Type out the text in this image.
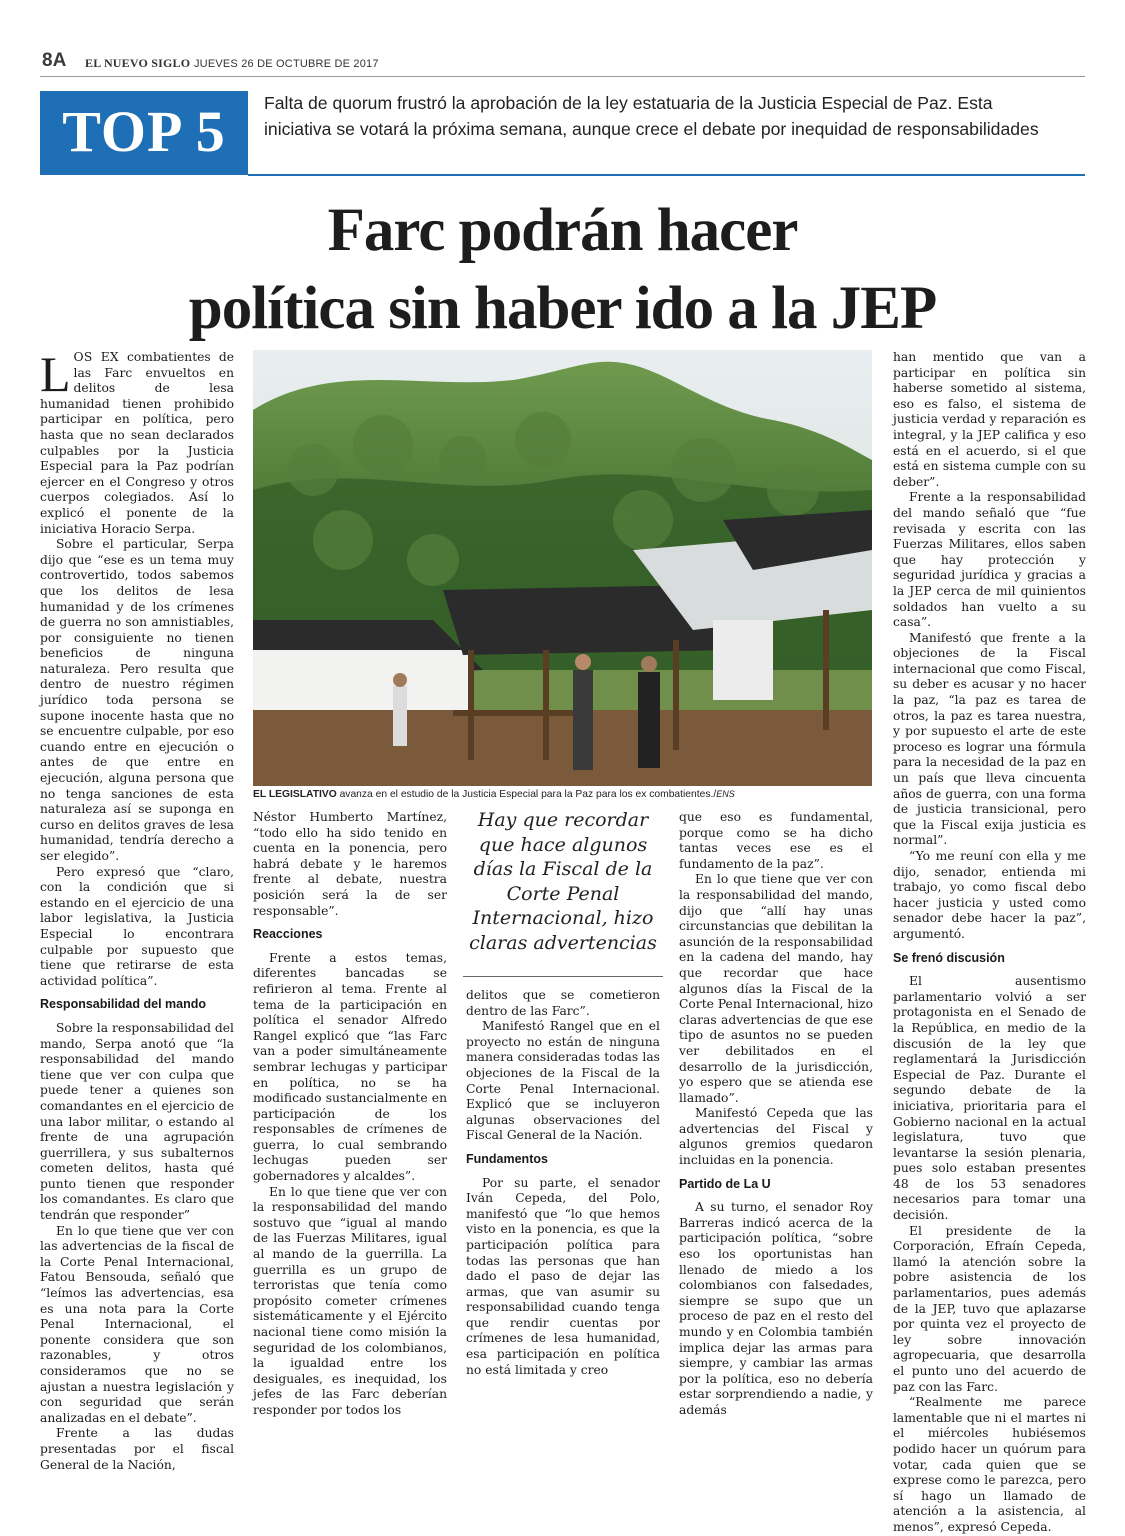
8A EL NUEVO SIGLO JUEVES 26 DE OCTUBRE DE 2017
TOP 5	Falta de quorum frustró la aprobación de la ley estatuaria de la Justicia Especial de Paz. Esta iniciativa se votará la próxima semana, aunque crece el debate por inequidad de responsabilidades
Farc podrán hacer
política sin haber ido a la JEP

LOS EX combatientes de las Farc envueltos en delitos de lesa humanidad tienen prohibido participar en política, pero hasta que no sean declarados culpables por la Justicia Especial para la Paz podrían ejercer en el Congreso y otros cuerpos colegiados. Así lo explicó el ponente de la iniciativa Horacio Serpa.

Sobre el particular, Serpa dijo que “ese es un tema muy controvertido, todos sabemos que los delitos de lesa humanidad y de los crímenes de guerra no son amnistiables, por consiguiente no tienen beneficios de ninguna naturaleza. Pero resulta que dentro de nuestro régimen jurídico toda persona se supone inocente hasta que no se encuentre culpable, por eso cuando entre en ejecución o antes de que entre en ejecución, alguna persona que no tenga sanciones de esta naturaleza así se suponga en curso en delitos graves de lesa humanidad, tendría derecho a ser elegido”.

Pero expresó que “claro, con la condición que si estando en el ejercicio de una labor legislativa, la Justicia Especial lo encontrara culpable por supuesto que tiene que retirarse de esta actividad política”.

Responsabilidad del mando

Sobre la responsabilidad del mando, Serpa anotó que “la responsabilidad del mando tiene que ver con culpa que puede tener a quienes son comandantes en el ejercicio de una labor militar, o estando al frente de una agrupación guerrillera, y sus subalternos cometen delitos, hasta qué punto tienen que responder los comandantes. Es claro que tendrán que responder”

En lo que tiene que ver con las advertencias de la fiscal de la Corte Penal Internacional, Fatou Bensouda, señaló que “leímos las advertencias, esa es una nota para la Corte Penal Internacional, el ponente considera que son razonables, y otros consideramos que no se ajustan a nuestra legislación y con seguridad que serán analizadas en el debate”.

Frente a las dudas presentadas por el fiscal General de la Nación,

EL LEGISLATIVO avanza en el estudio de la Justicia Especial para la Paz para los ex combatientes./ENS

Néstor Humberto Martínez, “todo ello ha sido tenido en cuenta en la ponencia, pero habrá debate y le haremos frente al debate, nuestra posición será la de ser responsable”.

Reacciones

Frente a estos temas, diferentes bancadas se refirieron al tema. Frente al tema de la participación en política el senador Alfredo Rangel explicó que “las Farc van a poder simultáneamente sembrar lechugas y participar en política, no se ha modificado sustancialmente en participación de los responsables de crímenes de guerra, lo cual sembrando lechugas pueden ser gobernadores y alcaldes”.

En lo que tiene que ver con la responsabilidad del mando sostuvo que “igual al mando de las Fuerzas Militares, igual al mando de la guerrilla. La guerrilla es un grupo de terroristas que tenía como propósito cometer crímenes sistemáticamente y el Ejército nacional tiene como misión la seguridad de los colombianos, la igualdad entre los desiguales, es inequidad, los jefes de las Farc deberían responder por todos los

Hay que recordar que hace algunos días la Fiscal de la Corte Penal Internacional, hizo claras advertencias

delitos que se cometieron dentro de las Farc”.

Manifestó Rangel que en el proyecto no están de ninguna manera consideradas todas las objeciones de la Fiscal de la Corte Penal Internacional. Explicó que se incluyeron algunas observaciones del Fiscal General de la Nación.

Fundamentos

Por su parte, el senador Iván Cepeda, del Polo, manifestó que “lo que hemos visto en la ponencia, es que la participación política para todas las personas que han dado el paso de dejar las armas, que van asumir su responsabilidad cuando tenga que rendir cuentas por crímenes de lesa humanidad, esa participación en política no está limitada y creo

que eso es fundamental, porque como se ha dicho tantas veces ese es el fundamento de la paz”.

En lo que tiene que ver con la responsabilidad del mando, dijo que “allí hay unas circunstancias que debilitan la asunción de la responsabilidad en la cadena del mando, hay que recordar que hace algunos días la Fiscal de la Corte Penal Internacional, hizo claras advertencias de que ese tipo de asuntos no se pueden ver debilitados en el desarrollo de la jurisdicción, yo espero que se atienda ese llamado”.

Manifestó Cepeda que las advertencias del Fiscal y algunos gremios quedaron incluidas en la ponencia.

Partido de La U

A su turno, el senador Roy Barreras indicó acerca de la participación política, “sobre eso los oportunistas han llenado de miedo a los colombianos con falsedades, siempre se supo que un proceso de paz en el resto del mundo y en Colombia también implica dejar las armas para siempre, y cambiar las armas por la política, eso no debería estar sorprendiendo a nadie, y además

han mentido que van a participar en política sin haberse sometido al sistema, eso es falso, el sistema de justicia verdad y reparación es integral, y la JEP califica y eso está en el acuerdo, si el que está en sistema cumple con su deber”.

Frente a la responsabilidad del mando señaló que “fue revisada y escrita con las Fuerzas Militares, ellos saben que hay protección y seguridad jurídica y gracias a la JEP cerca de mil quinientos soldados han vuelto a su casa”.

Manifestó que frente a la objeciones de la Fiscal internacional que como Fiscal, su deber es acusar y no hacer la paz, “la paz es tarea de otros, la paz es tarea nuestra, y por supuesto el arte de este proceso es lograr una fórmula para la necesidad de la paz en un país que lleva cincuenta años de guerra, con una forma de justicia transicional, pero que la Fiscal exija justicia es normal”.

“Yo me reuní con ella y me dijo, senador, entienda mi trabajo, yo como fiscal debo hacer justicia y usted como senador debe hacer la paz”, argumentó.

Se frenó discusión

El ausentismo parlamentario volvió a ser protagonista en el Senado de la República, en medio de la discusión de la ley que reglamentará la Jurisdicción Especial de Paz. Durante el segundo debate de la iniciativa, prioritaria para el Gobierno nacional en la actual legislatura, tuvo que levantarse la sesión plenaria, pues solo estaban presentes 48 de los 53 senadores necesarios para tomar una decisión.

El presidente de la Corporación, Efraín Cepeda, llamó la atención sobre la pobre asistencia de los parlamentarios, pues además de la JEP, tuvo que aplazarse por quinta vez el proyecto de ley sobre innovación agropecuaria, que desarrolla el punto uno del acuerdo de paz con las Farc.

“Realmente me parece lamentable que ni el martes ni el miércoles hubiésemos podido hacer un quórum para votar, cada quien que se exprese como le parezca, pero sí hago un llamado de atención a la asistencia, al menos”, expresó Cepeda.
